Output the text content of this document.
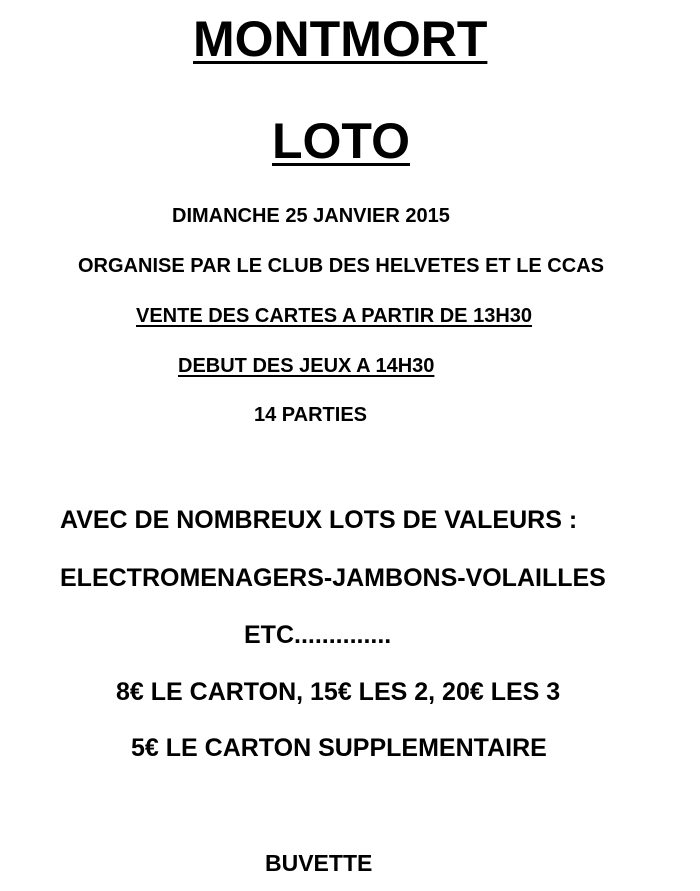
MONTMORT
LOTO
DIMANCHE 25 JANVIER 2015
ORGANISE PAR LE CLUB DES HELVETES ET LE CCAS
VENTE DES CARTES A PARTIR DE 13H30
DEBUT DES JEUX A 14H30
14 PARTIES
AVEC DE NOMBREUX LOTS DE VALEURS :
ELECTROMENAGERS-JAMBONS-VOLAILLES
ETC..............
8€ LE CARTON, 15€ LES 2, 20€ LES 3
5€ LE CARTON SUPPLEMENTAIRE
BUVETTE
